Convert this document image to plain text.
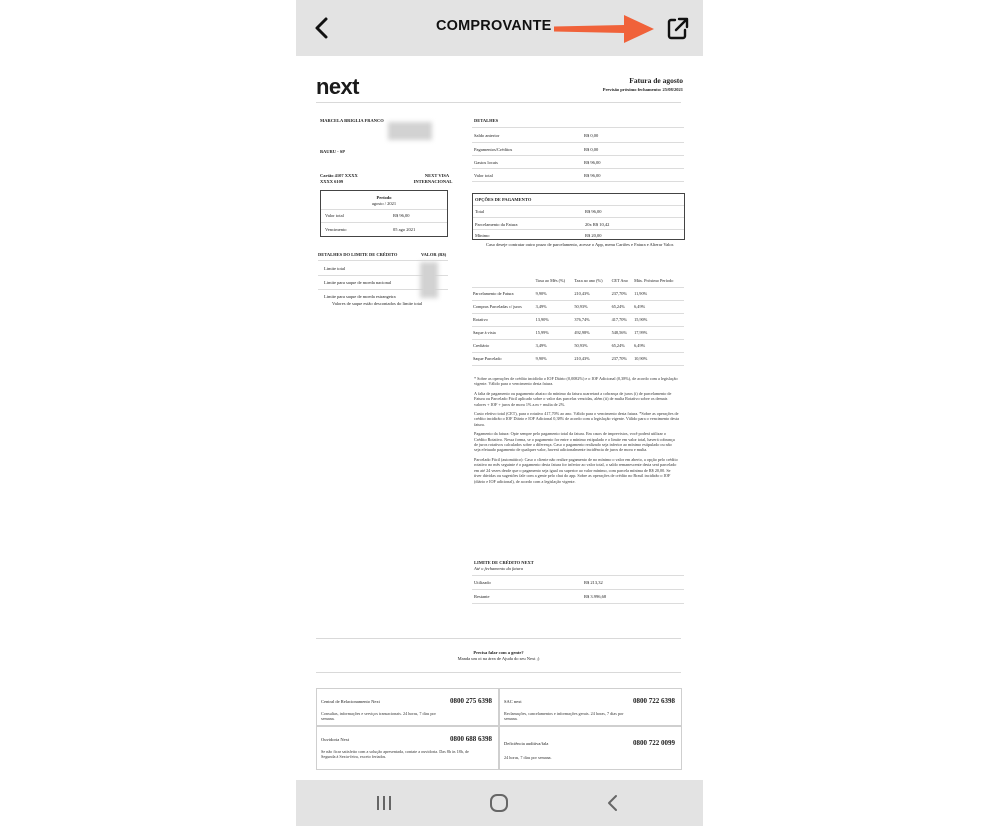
COMPROVANTE
next	Fatura de agosto
Previsão próximo fechamento: 25/08/2021
MARCELA BRIGLIA FRANCO
BAURU - SP
Cartão 4107 XXXX
XXXX 6109
NEXT VISA
INTERNACIONAL
Período
agosto / 2021
Valor total	R$ 96,00
Vencimento	05 ago 2021
DETALHES DO LIMITE DE CRÉDITO	VALOR (R$)
Limite total
Limite para saque de moeda nacional
Limite para saque de moeda estrangeira
Valores de saque estão descontados do limite total
DETALHES
Saldo anterior	R$ 0,00
Pagamentos/Créditos	R$ 0,00
Gastos locais	R$ 96,00
Valor total	R$ 96,00
OPÇÕES DE PAGAMENTO
Total	R$ 96,00
Parcelamento da Fatura	20x R$ 10,42
Mínimo	R$ 20,00
Caso deseje contratar outro prazo de parcelamento, acesse o App, menu Cartões e Fatura e Alterar Valor.
	Taxa ao Mês (%)	Taxa ao ano (%)	CET Ano	Máx. Próximo Período
Parcelamento de Fatura	9,90%	210,43%	237,70%	11,90%
Compras Parceladas c/ juros	3,49%	50,93%	65,24%	6,49%
Rotativo	13,90%	376,74%	417,70%	15,90%
Saque à vista	15,99%	492,98%	548,56%	17,99%
Crediário	3,49%	50,93%	65,24%	6,49%
Saque Parcelado	9,90%	210,43%	237,70%	10,90%

* Sobre as operações de crédito incidirão o IOF Diário (0,0082%) e o IOF Adicional (0,38%), de acordo com a legislação vigente. Válido para o vencimento desta fatura.

A falta de pagamento ou pagamento abaixo do mínimo da fatura acarretará a cobrança de juros (i) de parcelamento de Fatura ou Parcelado Fácil aplicado sobre o valor das parcelas vencidas, além (ii) de multa Rotativo sobre os demais valores + IOF + juros de mora 1% a.m + multa de 2%.

Custo efetivo total (CET), para o rotativo 417,70% ao ano. Válido para o vencimento desta fatura. *Sobre as operações de crédito incidirão o IOF Diário e IOF Adicional 0,38% de acordo com a legislação vigente. Válido para o vencimento desta fatura.

Pagamento da fatura: Opte sempre pelo pagamento total da fatura. Em casos de imprevistos, você poderá utilizar o Crédito Rotativo. Nessa forma, se o pagamento for entre o mínimo estipulado e o limite em valor total, haverá cobrança de juros rotativos calculados sobre a diferença. Caso o pagamento realizado seja inferior ao mínimo estipulado ou não seja efetuado pagamento de qualquer valor, haverá adicionalmente incidência de juros de mora e multa.

Parcelado Fácil (automático): Caso o cliente não realize pagamento de no mínimo o valor em aberto, a opção pelo crédito rotativo no mês seguinte é o pagamento desta fatura for inferior ao valor total, o saldo remanescente desta será parcelado em até 24 vezes desde que o pagamento seja igual ou superior ao valor mínimo, com parcela mínima de R$ 20,00. Se tiver dúvidas ou sugestões fale com a gente pelo chat do app. Sobre as operações de crédito no Brasil incidirão o IOF (diário e IOF adicional), de acordo com a legislação vigente.

LIMITE DE CRÉDITO NEXT
Até o fechamento da fatura
Utilizado	R$ 213,32
Restante	R$ 3.996,68
Precisa falar com a gente?
Manda um oi na área de Ajuda do seu Next ;)
Central de Relacionamento Next	0800 275 6398
Consultas, informações e serviços transacionais. 24 horas, 7 dias por semana.
SAC next	0800 722 6398
Reclamações, cancelamentos e informações gerais. 24 horas, 7 dias por semana.
Ouvidoria Next	0800 688 6398
Se não ficar satisfeito com a solução apresentada, contate a ouvidoria. Das 8h às 18h, de Segunda à Sexta-feira, exceto feriados.
Deficiência auditiva/fala	0800 722 0099
24 horas, 7 dias por semana.
